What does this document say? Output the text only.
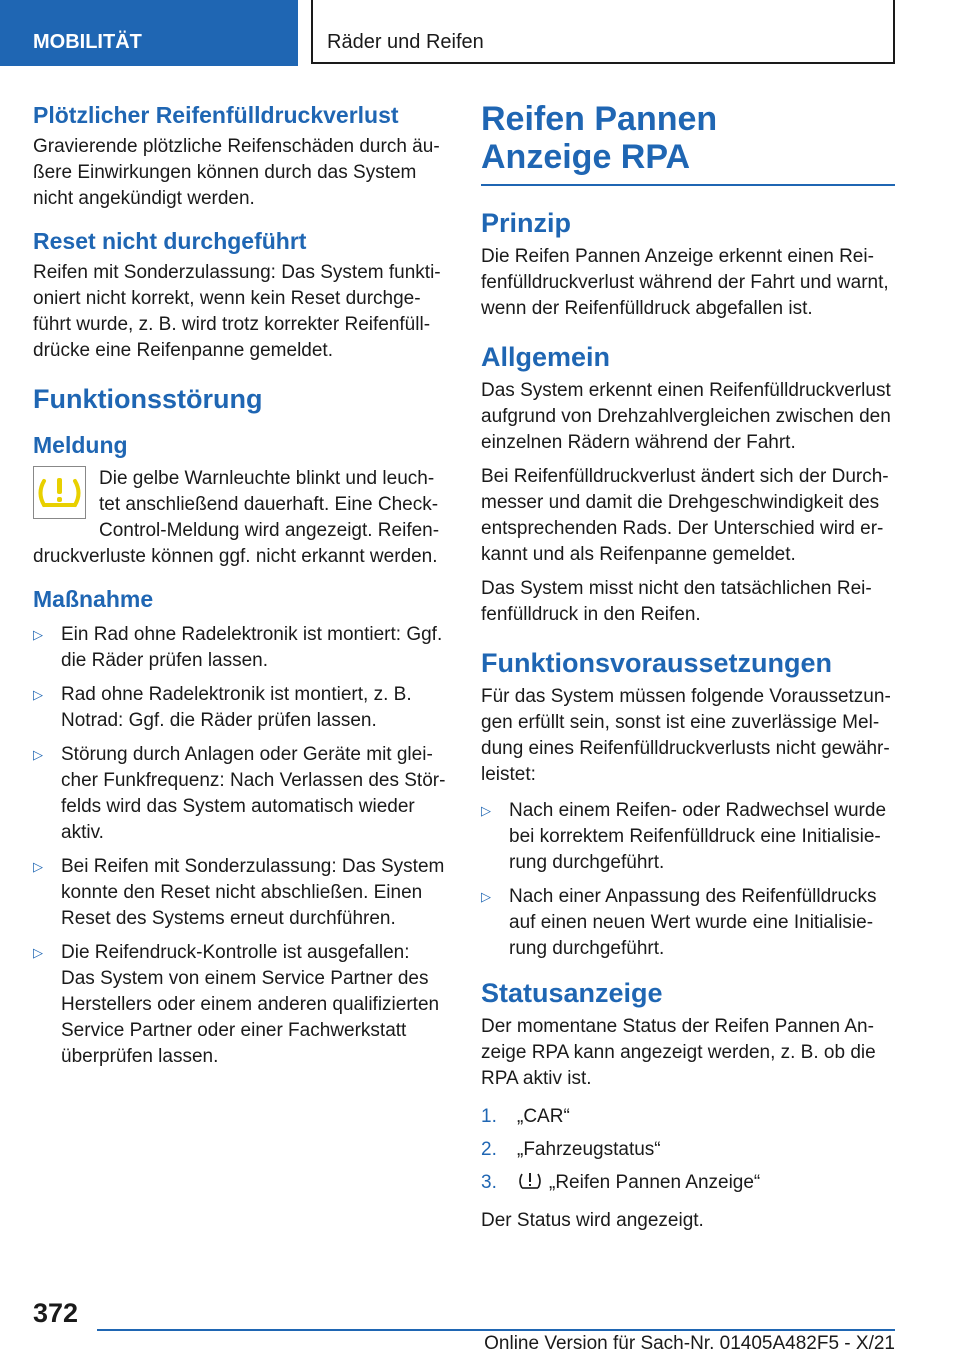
MOBILITÄT	Räder und Reifen
Plötzlicher Reifenfülldruckverlust

Gravierende plötzliche Reifenschäden durch äußere Einwirkungen können durch das System nicht angekündigt werden.

Reset nicht durchgeführt

Reifen mit Sonderzulassung: Das System funktioniert nicht korrekt, wenn kein Reset durchgeführt wurde, z. B. wird trotz korrekter Reifenfülldrücke eine Reifenpanne gemeldet.

Funktionsstörung
Meldung
Die gelbe Warnleuchte blinkt und leuchtet anschließend dauerhaft. Eine Check-Control-Meldung wird angezeigt. Reifendruckverluste können ggf. nicht erkannt werden.
Maßnahme
▷ Ein Rad ohne Radelektronik ist montiert: Ggf. die Räder prüfen lassen.
▷ Rad ohne Radelektronik ist montiert, z. B. Notrad: Ggf. die Räder prüfen lassen.
▷ Störung durch Anlagen oder Geräte mit gleicher Funkfrequenz: Nach Verlassen des Störfelds wird das System automatisch wieder aktiv.
▷ Bei Reifen mit Sonderzulassung: Das System konnte den Reset nicht abschließen. Einen Reset des Systems erneut durchführen.
▷ Die Reifendruck-Kontrolle ist ausgefallen: Das System von einem Service Partner des Herstellers oder einem anderen qualifizierten Service Partner oder einer Fachwerkstatt überprüfen lassen.
Reifen Pannen Anzeige RPA
Prinzip

Die Reifen Pannen Anzeige erkennt einen Reifenfülldruckverlust während der Fahrt und warnt, wenn der Reifenfülldruck abgefallen ist.

Allgemein

Das System erkennt einen Reifenfülldruckverlust aufgrund von Drehzahlvergleichen zwischen den einzelnen Rädern während der Fahrt.

Bei Reifenfülldruckverlust ändert sich der Durchmesser und damit die Drehgeschwindigkeit des entsprechenden Rads. Der Unterschied wird erkannt und als Reifenpanne gemeldet.

Das System misst nicht den tatsächlichen Reifenfülldruck in den Reifen.

Funktionsvoraussetzungen

Für das System müssen folgende Voraussetzungen erfüllt sein, sonst ist eine zuverlässige Meldung eines Reifenfülldruckverlusts nicht gewährleistet:

▷ Nach einem Reifen- oder Radwechsel wurde bei korrektem Reifenfülldruck eine Initialisierung durchgeführt.
▷ Nach einer Anpassung des Reifenfülldrucks auf einen neuen Wert wurde eine Initialisierung durchgeführt.
Statusanzeige

Der momentane Status der Reifen Pannen Anzeige RPA kann angezeigt werden, z. B. ob die RPA aktiv ist.

1. „CAR“
2. „Fahrzeugstatus“
3.	„Reifen Pannen Anzeige“

Der Status wird angezeigt.

372
Online Version für Sach-Nr. 01405A482F5 - X/21
